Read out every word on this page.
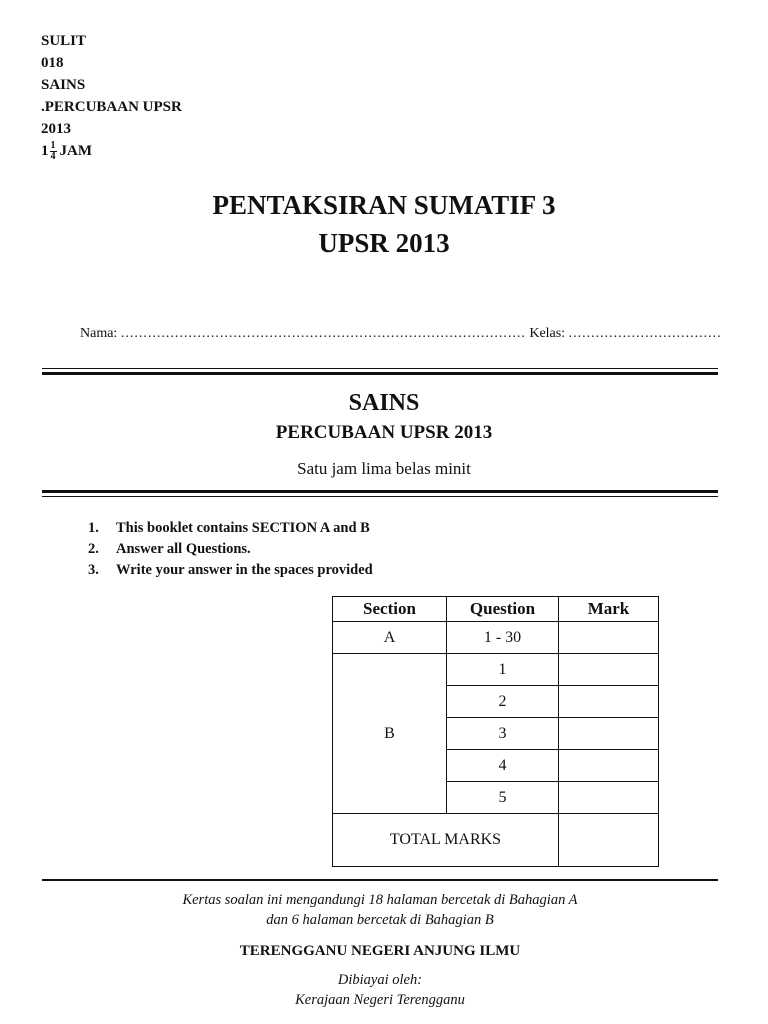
SULIT
018
SAINS
.PERCUBAAN UPSR
2013
$1 \frac{1}{4}$ JAM
PENTAKSIRAN SUMATIF 3
UPSR 2013
Nama: .......................................................................................... Kelas: ..................................
SAINS
PERCUBAAN UPSR 2013
Satu jam lima belas minit
1. This booklet contains SECTION A and B
2. Answer all Questions.
3. Write your answer in the spaces provided
Section	Question	Mark
A	1 - 30	
B	1	
	2	
	3	
	4	
	5	
TOTAL MARKS		
Kertas soalan ini mengandungi 18 halaman bercetak di Bahagian A
dan 6 halaman bercetak di Bahagian B
TERENGGANU NEGERI ANJUNG ILMU
Dibiayai oleh:
Kerajaan Negeri Terengganu
